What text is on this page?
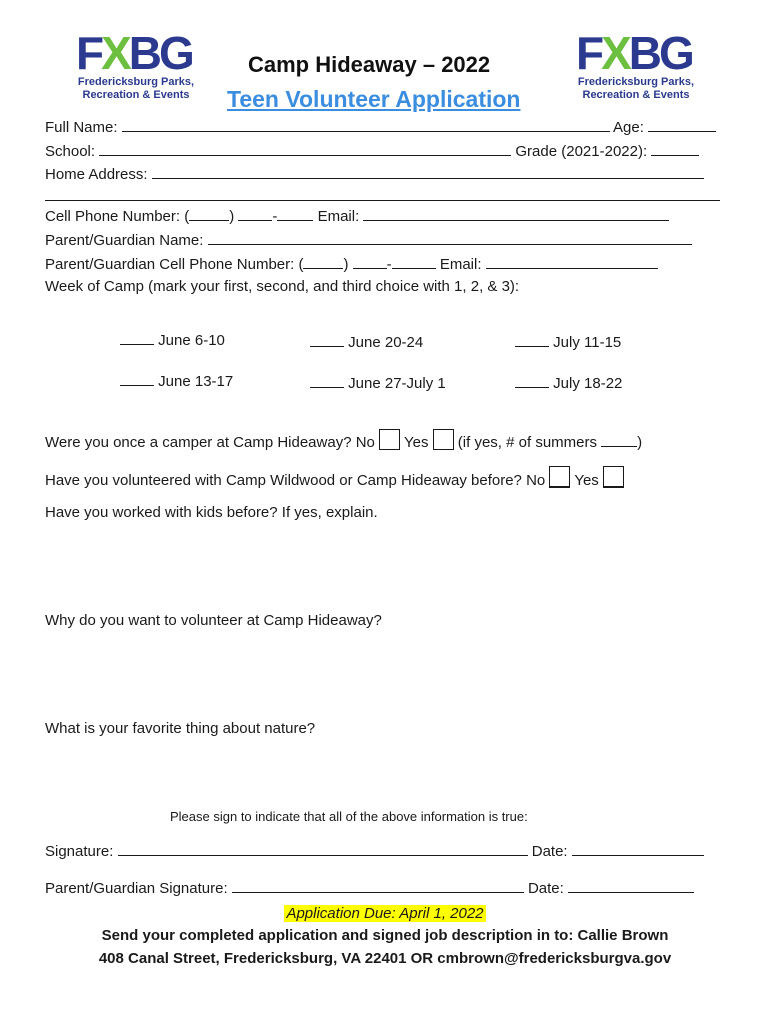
FXBG
Fredericksburg Parks,
Recreation & Events
FXBG
Fredericksburg Parks,
Recreation & Events
Camp Hideaway – 2022
Teen Volunteer Application
Full Name:	Age:
School:	Grade (2021-2022):
Home Address:
Cell Phone Number: (	)	-	Email:
Parent/Guardian Name:
Parent/Guardian Cell Phone Number: (	)	-	Email:
Week of Camp (mark your first, second, and third choice with 1, 2, & 3):
June 6-10	June 20-24	July 11-15
June 13-17	June 27-July 1	July 18-22
Were you once a camper at Camp Hideaway? No Yes (if yes, # of summers	)
Have you volunteered with Camp Wildwood or Camp Hideaway before? No Yes
Have you worked with kids before? If yes, explain.
Why do you want to volunteer at Camp Hideaway?
What is your favorite thing about nature?
Please sign to indicate that all of the above information is true:
Signature:	Date:
Parent/Guardian Signature:	Date:
Application Due: April 1, 2022
Send your completed application and signed job description in to: Callie Brown
408 Canal Street, Fredericksburg, VA 22401 OR cmbrown@fredericksburgva.gov
